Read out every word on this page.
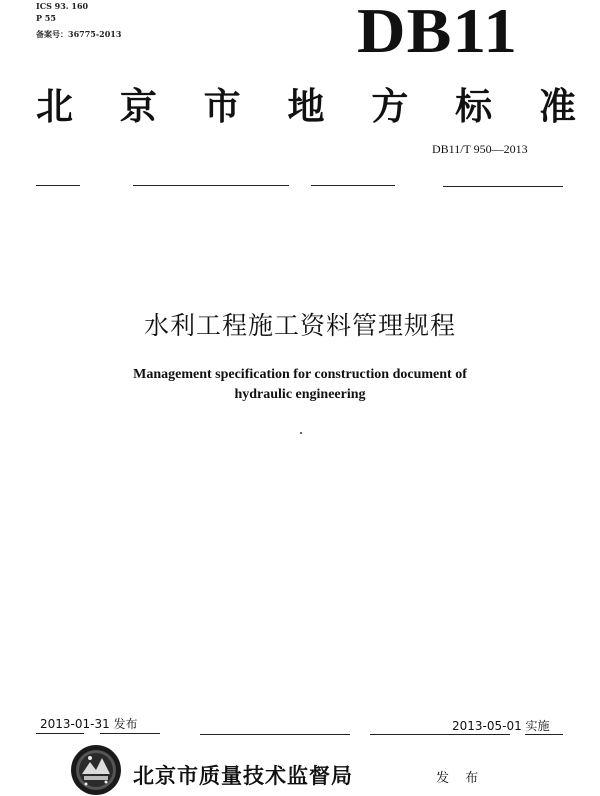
ICS 93. 160
P 55
备案号：36775-2013	DB11
北 京 市 地 方 标 准
DB11/T 950—2013
水利工程施工资料管理规程
Management specification for construction document of
hydraulic engineering
2013-01-31 发布	2013-05-01 实施
北京市质量技术监督局	发 布
